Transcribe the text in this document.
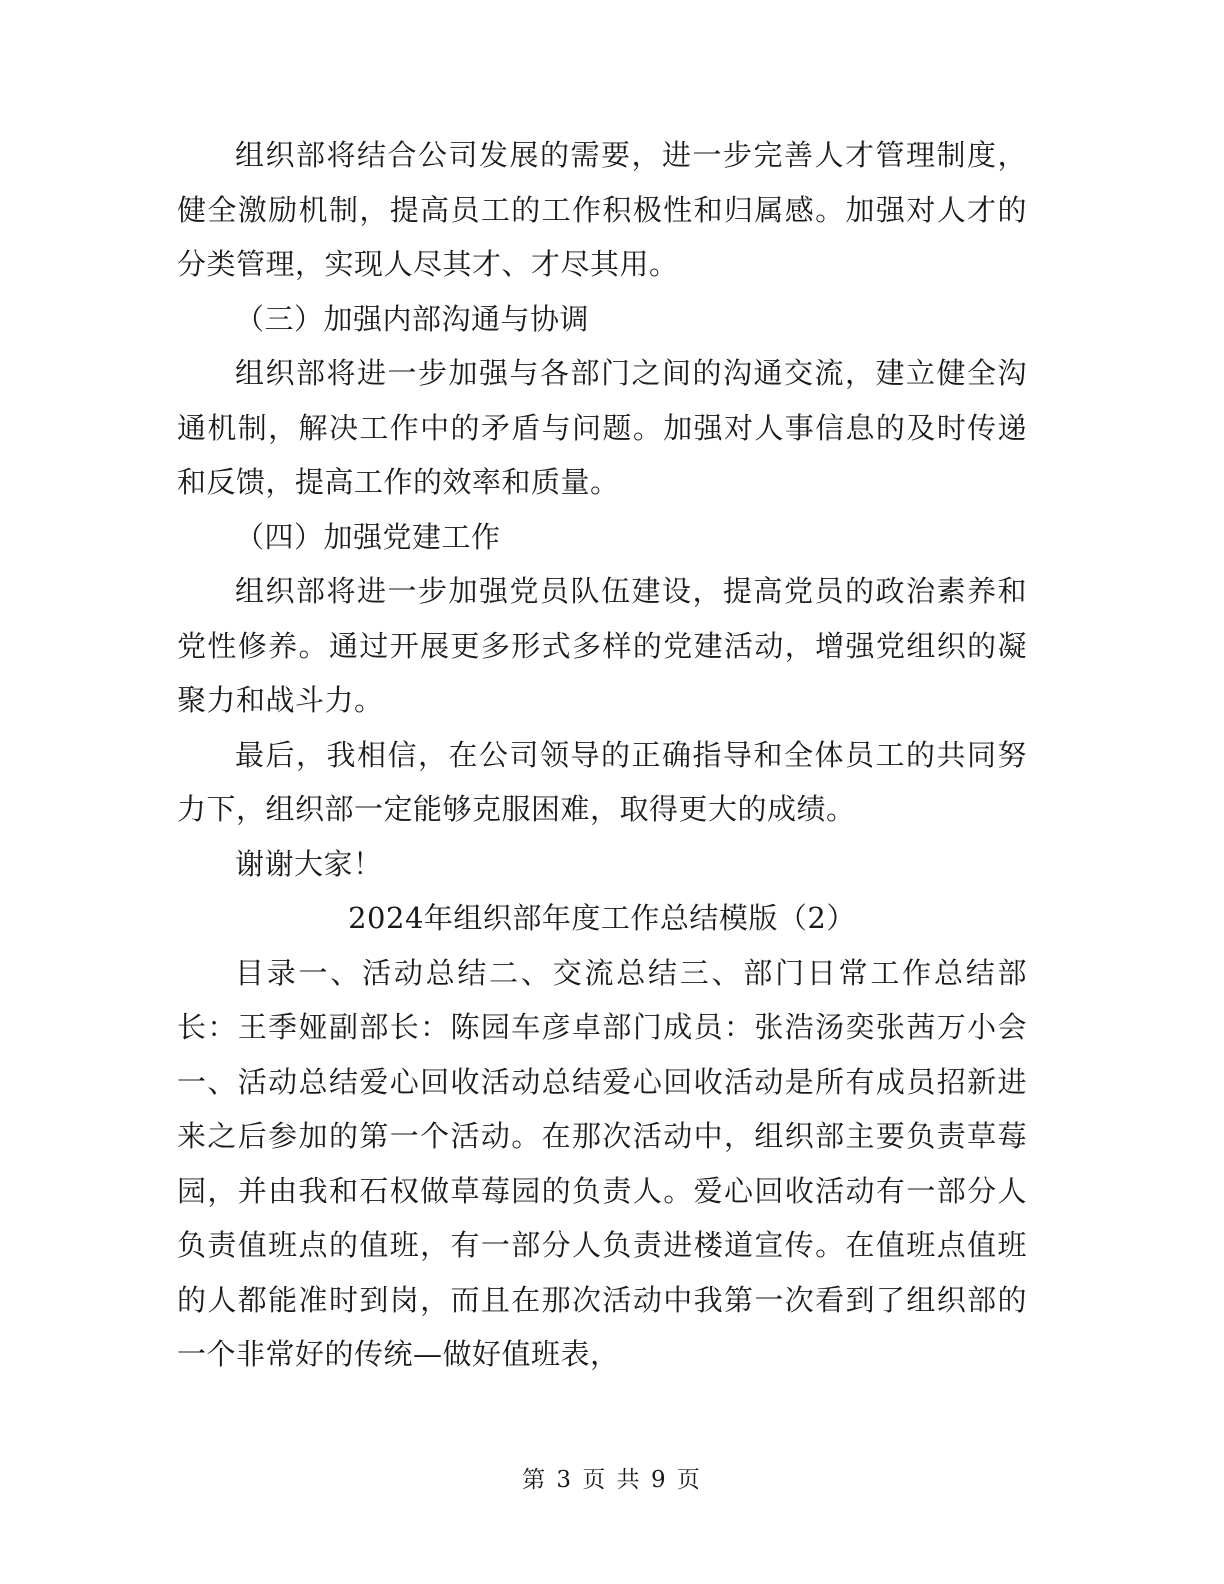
组织部将结合公司发展的需要，进一步完善人才管理制度，健全激励机制，提高员工的工作积极性和归属感。加强对人才的分类管理，实现人尽其才、才尽其用。

（三）加强内部沟通与协调

组织部将进一步加强与各部门之间的沟通交流，建立健全沟通机制，解决工作中的矛盾与问题。加强对人事信息的及时传递和反馈，提高工作的效率和质量。

（四）加强党建工作

组织部将进一步加强党员队伍建设，提高党员的政治素养和党性修养。通过开展更多形式多样的党建活动，增强党组织的凝聚力和战斗力。

最后，我相信，在公司领导的正确指导和全体员工的共同努力下，组织部一定能够克服困难，取得更大的成绩。

谢谢大家！

2024年组织部年度工作总结模版（2）

目录一、活动总结二、交流总结三、部门日常工作总结部长：王季娅副部长：陈园车彦卓部门成员：张浩汤奕张茜万小会一、活动总结爱心回收活动总结爱心回收活动是所有成员招新进来之后参加的第一个活动。在那次活动中，组织部主要负责草莓园，并由我和石权做草莓园的负责人。爱心回收活动有一部分人负责值班点的值班，有一部分人负责进楼道宣传。在值班点值班的人都能准时到岗，而且在那次活动中我第一次看到了组织部的一个非常好的传统—做好值班表，

第 3 页 共 9 页
